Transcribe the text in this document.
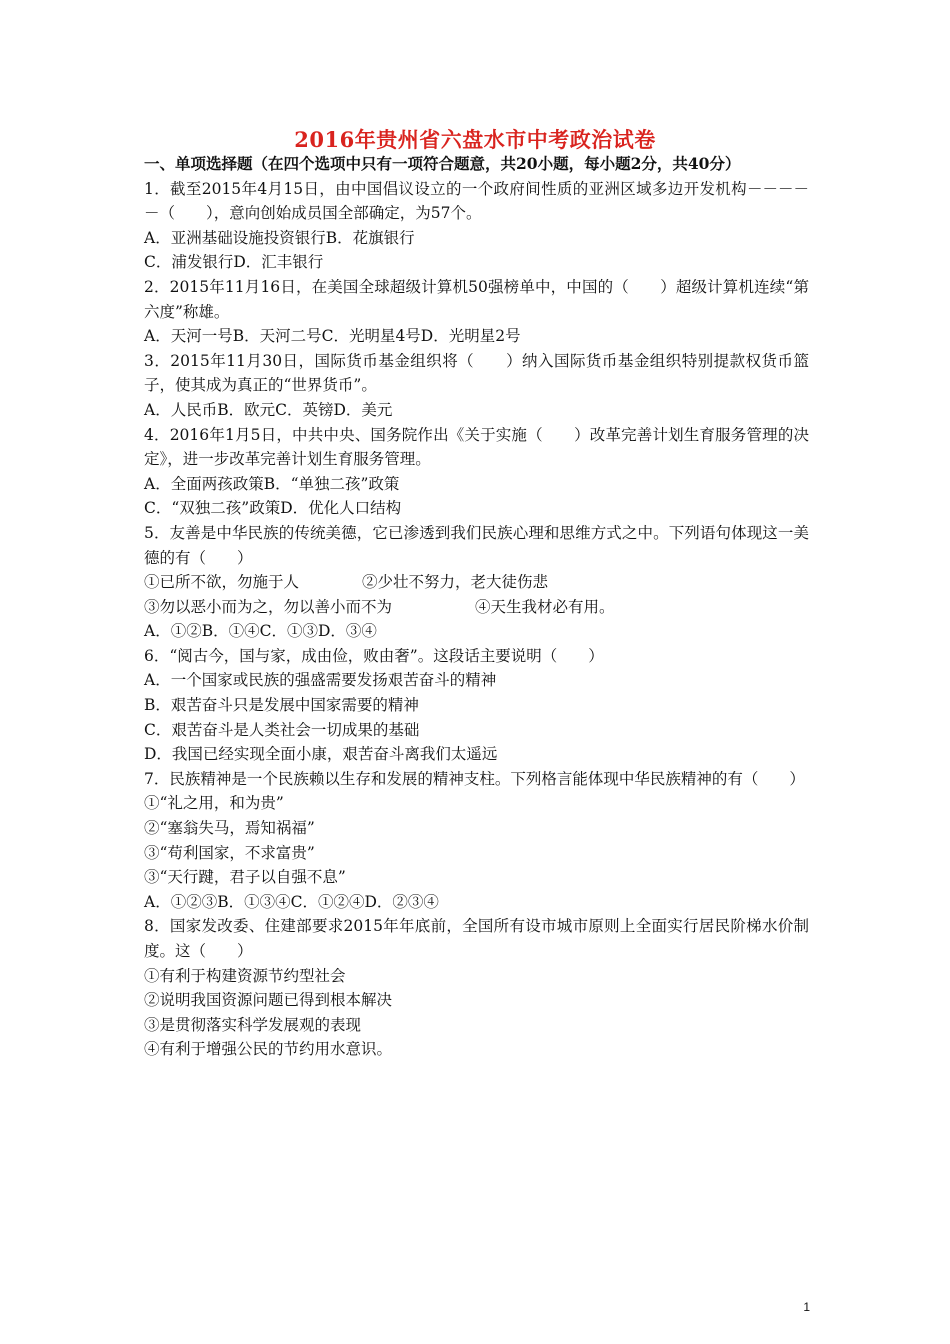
2016年贵州省六盘水市中考政治试卷
一、单项选择题（在四个选项中只有一项符合题意，共20小题，每小题2分，共40分）
1．截至2015年4月15日，由中国倡议设立的一个政府间性质的亚洲区域多边开发机构－－－－－（　　），意向创始成员国全部确定，为57个。
A．亚洲基础设施投资银行B．花旗银行
C．浦发银行D．汇丰银行
2．2015年11月16日，在美国全球超级计算机50强榜单中，中国的（　　）超级计算机连续“第六度”称雄。
A．天河一号B．天河二号C．光明星4号D．光明星2号
3．2015年11月30日，国际货币基金组织将（　　）纳入国际货币基金组织特别提款权货币篮子，使其成为真正的“世界货币”。
A．人民币B．欧元C．英镑D．美元
4．2016年1月5日，中共中央、国务院作出《关于实施（　　）改革完善计划生育服务管理的决定》，进一步改革完善计划生育服务管理。
A．全面两孩政策B．“单独二孩”政策
C．“双独二孩”政策D．优化人口结构
5．友善是中华民族的传统美德，它已渗透到我们民族心理和思维方式之中。下列语句体现这一美德的有（　　）
①已所不欲，勿施于人	②少壮不努力，老大徒伤悲
③勿以恶小而为之，勿以善小而不为	④天生我材必有用。
A．①②B．①④C．①③D．③④
6．“阅古今，国与家，成由俭，败由奢”。这段话主要说明（　　）
A．一个国家或民族的强盛需要发扬艰苦奋斗的精神
B．艰苦奋斗只是发展中国家需要的精神
C．艰苦奋斗是人类社会一切成果的基础
D．我国已经实现全面小康，艰苦奋斗离我们太遥远
7．民族精神是一个民族赖以生存和发展的精神支柱。下列格言能体现中华民族精神的有（　　）
①“礼之用，和为贵”
②“塞翁失马，焉知祸福”
③“苟利国家，不求富贵”
③“天行踺，君子以自强不息”
A．①②③B．①③④C．①②④D．②③④
8．国家发改委、住建部要求2015年年底前，全国所有设市城市原则上全面实行居民阶梯水价制度。这（　　）
①有利于构建资源节约型社会
②说明我国资源问题已得到根本解决
③是贯彻落实科学发展观的表现
④有利于增强公民的节约用水意识。
1
